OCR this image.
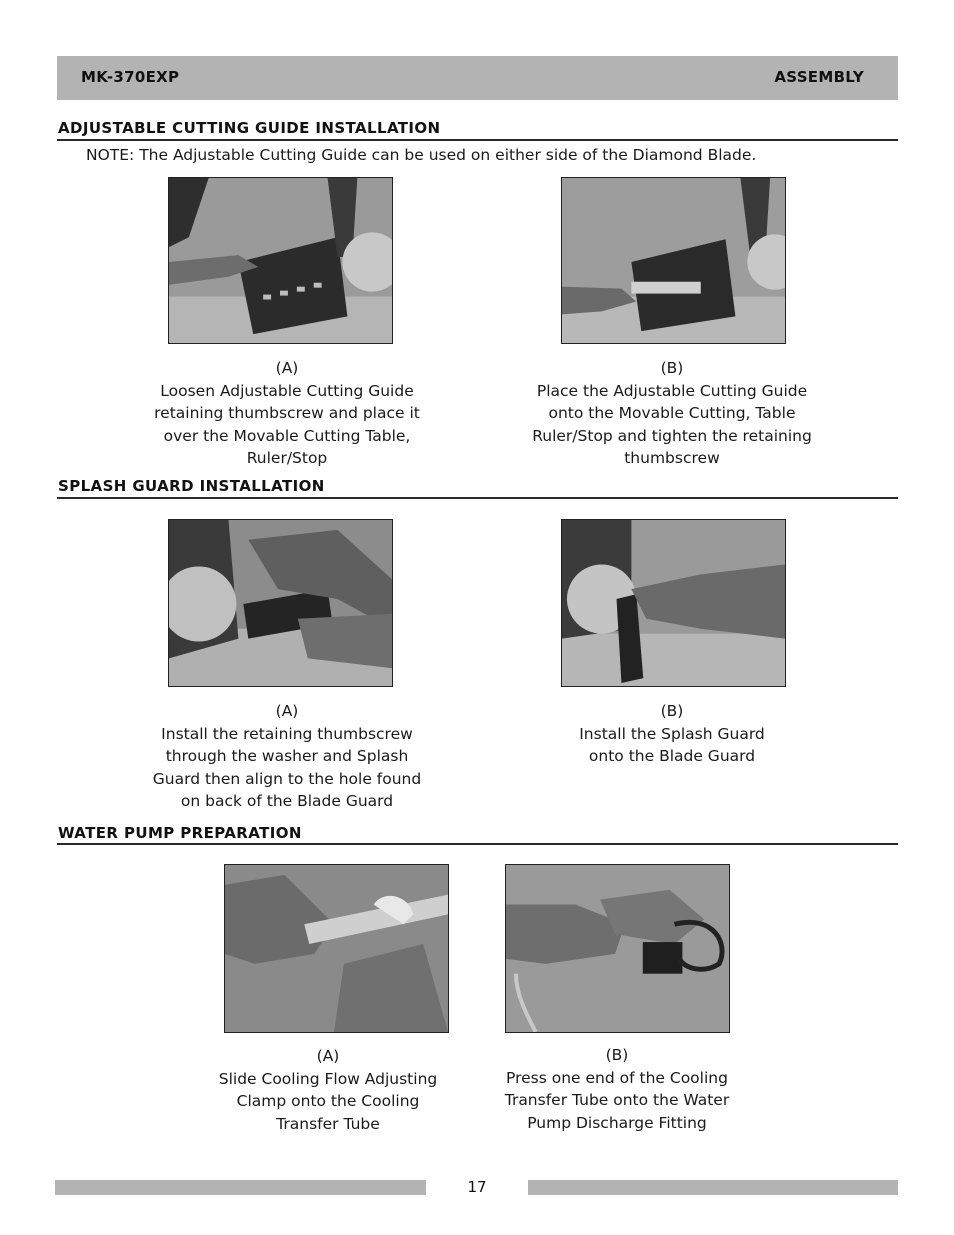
MK-370EXP	ASSEMBLY
ADJUSTABLE CUTTING GUIDE INSTALLATION
NOTE: The Adjustable Cutting Guide can be used on either side of the Diamond Blade.
(A)
Loosen Adjustable Cutting Guide
retaining thumbscrew and place it
over the Movable Cutting Table,
Ruler/Stop
(B)
Place the Adjustable Cutting Guide
onto the Movable Cutting, Table
Ruler/Stop and tighten the retaining
thumbscrew
SPLASH GUARD INSTALLATION
(A)
Install the retaining thumbscrew
through the washer and Splash
Guard then align to the hole found
on back of the Blade Guard
(B)
Install the Splash Guard
onto the Blade Guard
WATER PUMP PREPARATION
(A)
Slide Cooling Flow Adjusting
Clamp onto the Cooling
Transfer Tube
(B)
Press one end of the Cooling
Transfer Tube onto the Water
Pump Discharge Fitting
17
